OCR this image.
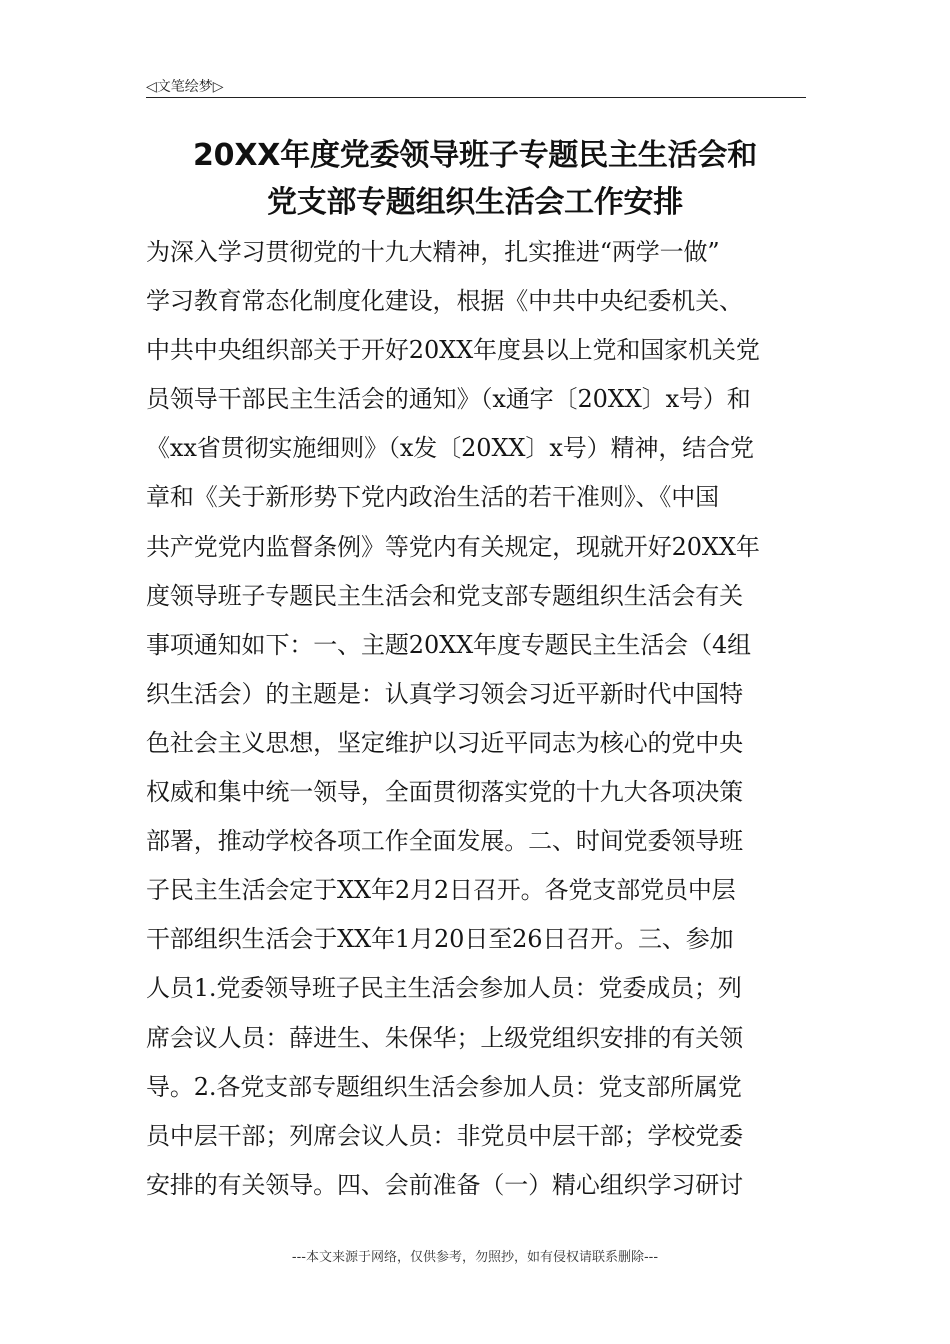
◁文笔绘梦▷
20XX年度党委领导班子专题民主生活会和
党支部专题组织生活会工作安排
为深入学习贯彻党的十九大精神，扎实推进“两学一做”
学习教育常态化制度化建设，根据《中共中央纪委机关、
中共中央组织部关于开好20XX年度县以上党和国家机关党
员领导干部民主生活会的通知》（x通字〔20XX〕x号）和
《xx省贯彻实施细则》（x发〔20XX〕x号）精神，结合党
章和《关于新形势下党内政治生活的若干准则》、《中国
共产党党内监督条例》等党内有关规定，现就开好20XX年
度领导班子专题民主生活会和党支部专题组织生活会有关
事项通知如下：一、主题20XX年度专题民主生活会（4组
织生活会）的主题是：认真学习领会习近平新时代中国特
色社会主义思想，坚定维护以习近平同志为核心的党中央
权威和集中统一领导，全面贯彻落实党的十九大各项决策
部署，推动学校各项工作全面发展。二、时间党委领导班
子民主生活会定于XX年2月2日召开。各党支部党员中层
干部组织生活会于XX年1月20日至26日召开。三、参加
人员1.党委领导班子民主生活会参加人员：党委成员；列
席会议人员：薛进生、朱保华；上级党组织安排的有关领
导。2.各党支部专题组织生活会参加人员：党支部所属党
员中层干部；列席会议人员：非党员中层干部；学校党委
安排的有关领导。四、会前准备（一）精心组织学习研讨
---本文来源于网络，仅供参考，勿照抄，如有侵权请联系删除---
